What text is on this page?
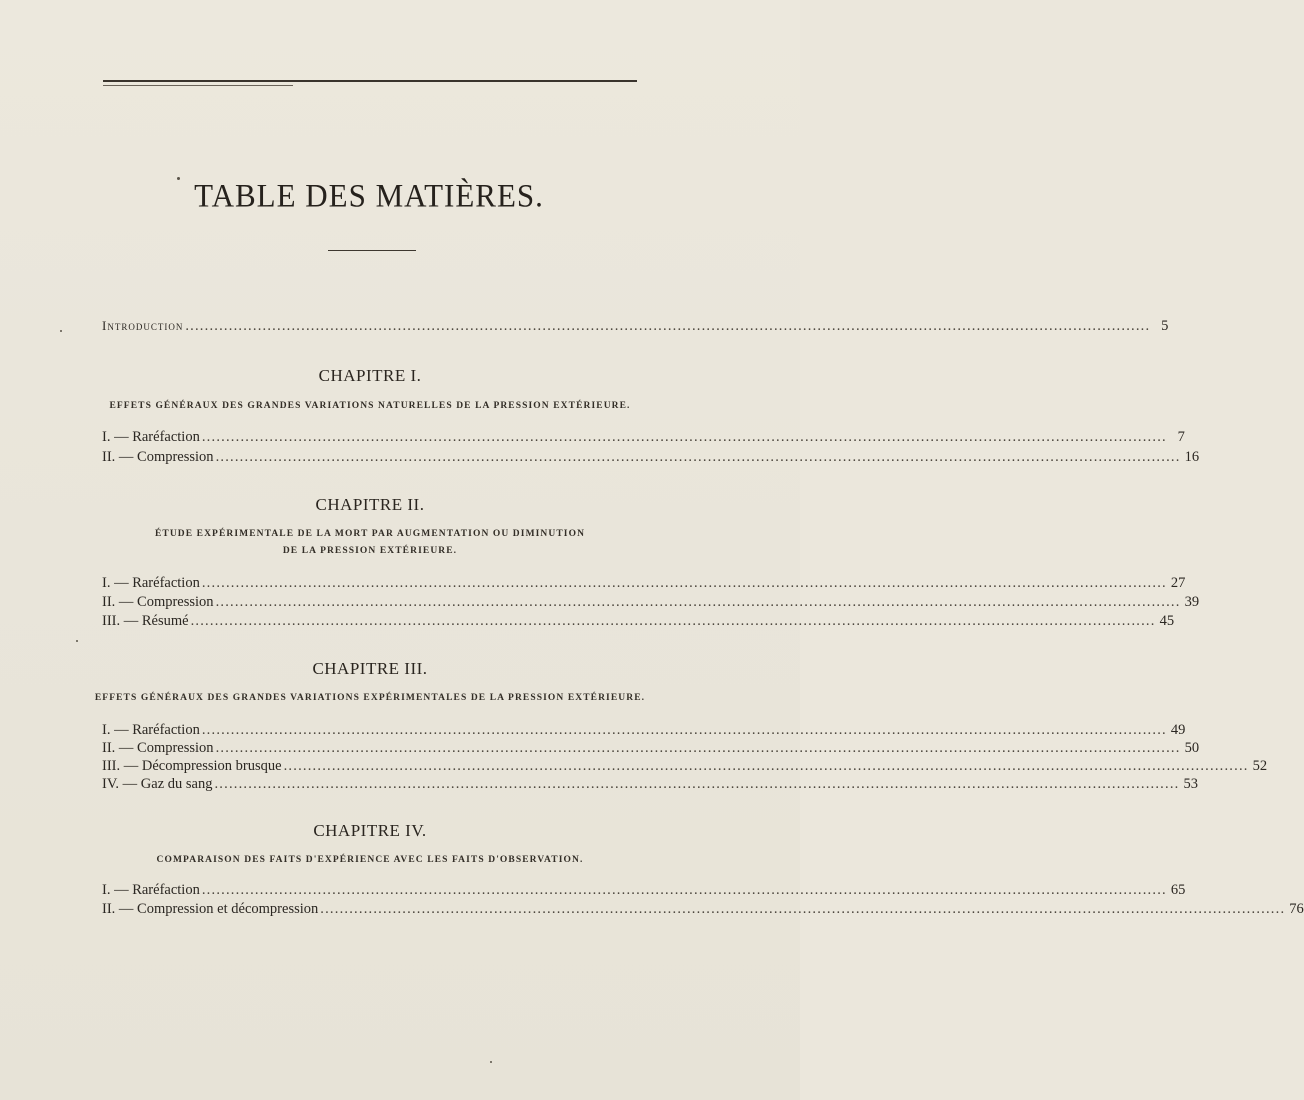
TABLE DES MATIÈRES.
Introduction ........................................................................................................................................................................................................ 5
CHAPITRE I.
EFFETS GÉNÉRAUX DES GRANDES VARIATIONS NATURELLES DE LA PRESSION EXTÉRIEURE.
I. — Raréfaction ........................................................................................................................................................................................................ 7
II. — Compression ........................................................................................................................................................................................................ 16
CHAPITRE II.
ÉTUDE EXPÉRIMENTALE DE LA MORT PAR AUGMENTATION OU DIMINUTION
DE LA PRESSION EXTÉRIEURE.
I. — Raréfaction ........................................................................................................................................................................................................ 27
II. — Compression ........................................................................................................................................................................................................ 39
III. — Résumé ........................................................................................................................................................................................................ 45
CHAPITRE III.
EFFETS GÉNÉRAUX DES GRANDES VARIATIONS EXPÉRIMENTALES DE LA PRESSION EXTÉRIEURE.
I. — Raréfaction ........................................................................................................................................................................................................ 49
II. — Compression ........................................................................................................................................................................................................ 50
III. — Décompression brusque ........................................................................................................................................................................................................ 52
IV. — Gaz du sang ........................................................................................................................................................................................................ 53
CHAPITRE IV.
COMPARAISON DES FAITS D'EXPÉRIENCE AVEC LES FAITS D'OBSERVATION.
I. — Raréfaction ........................................................................................................................................................................................................ 65
II. — Compression et décompression ........................................................................................................................................................................................................ 76
